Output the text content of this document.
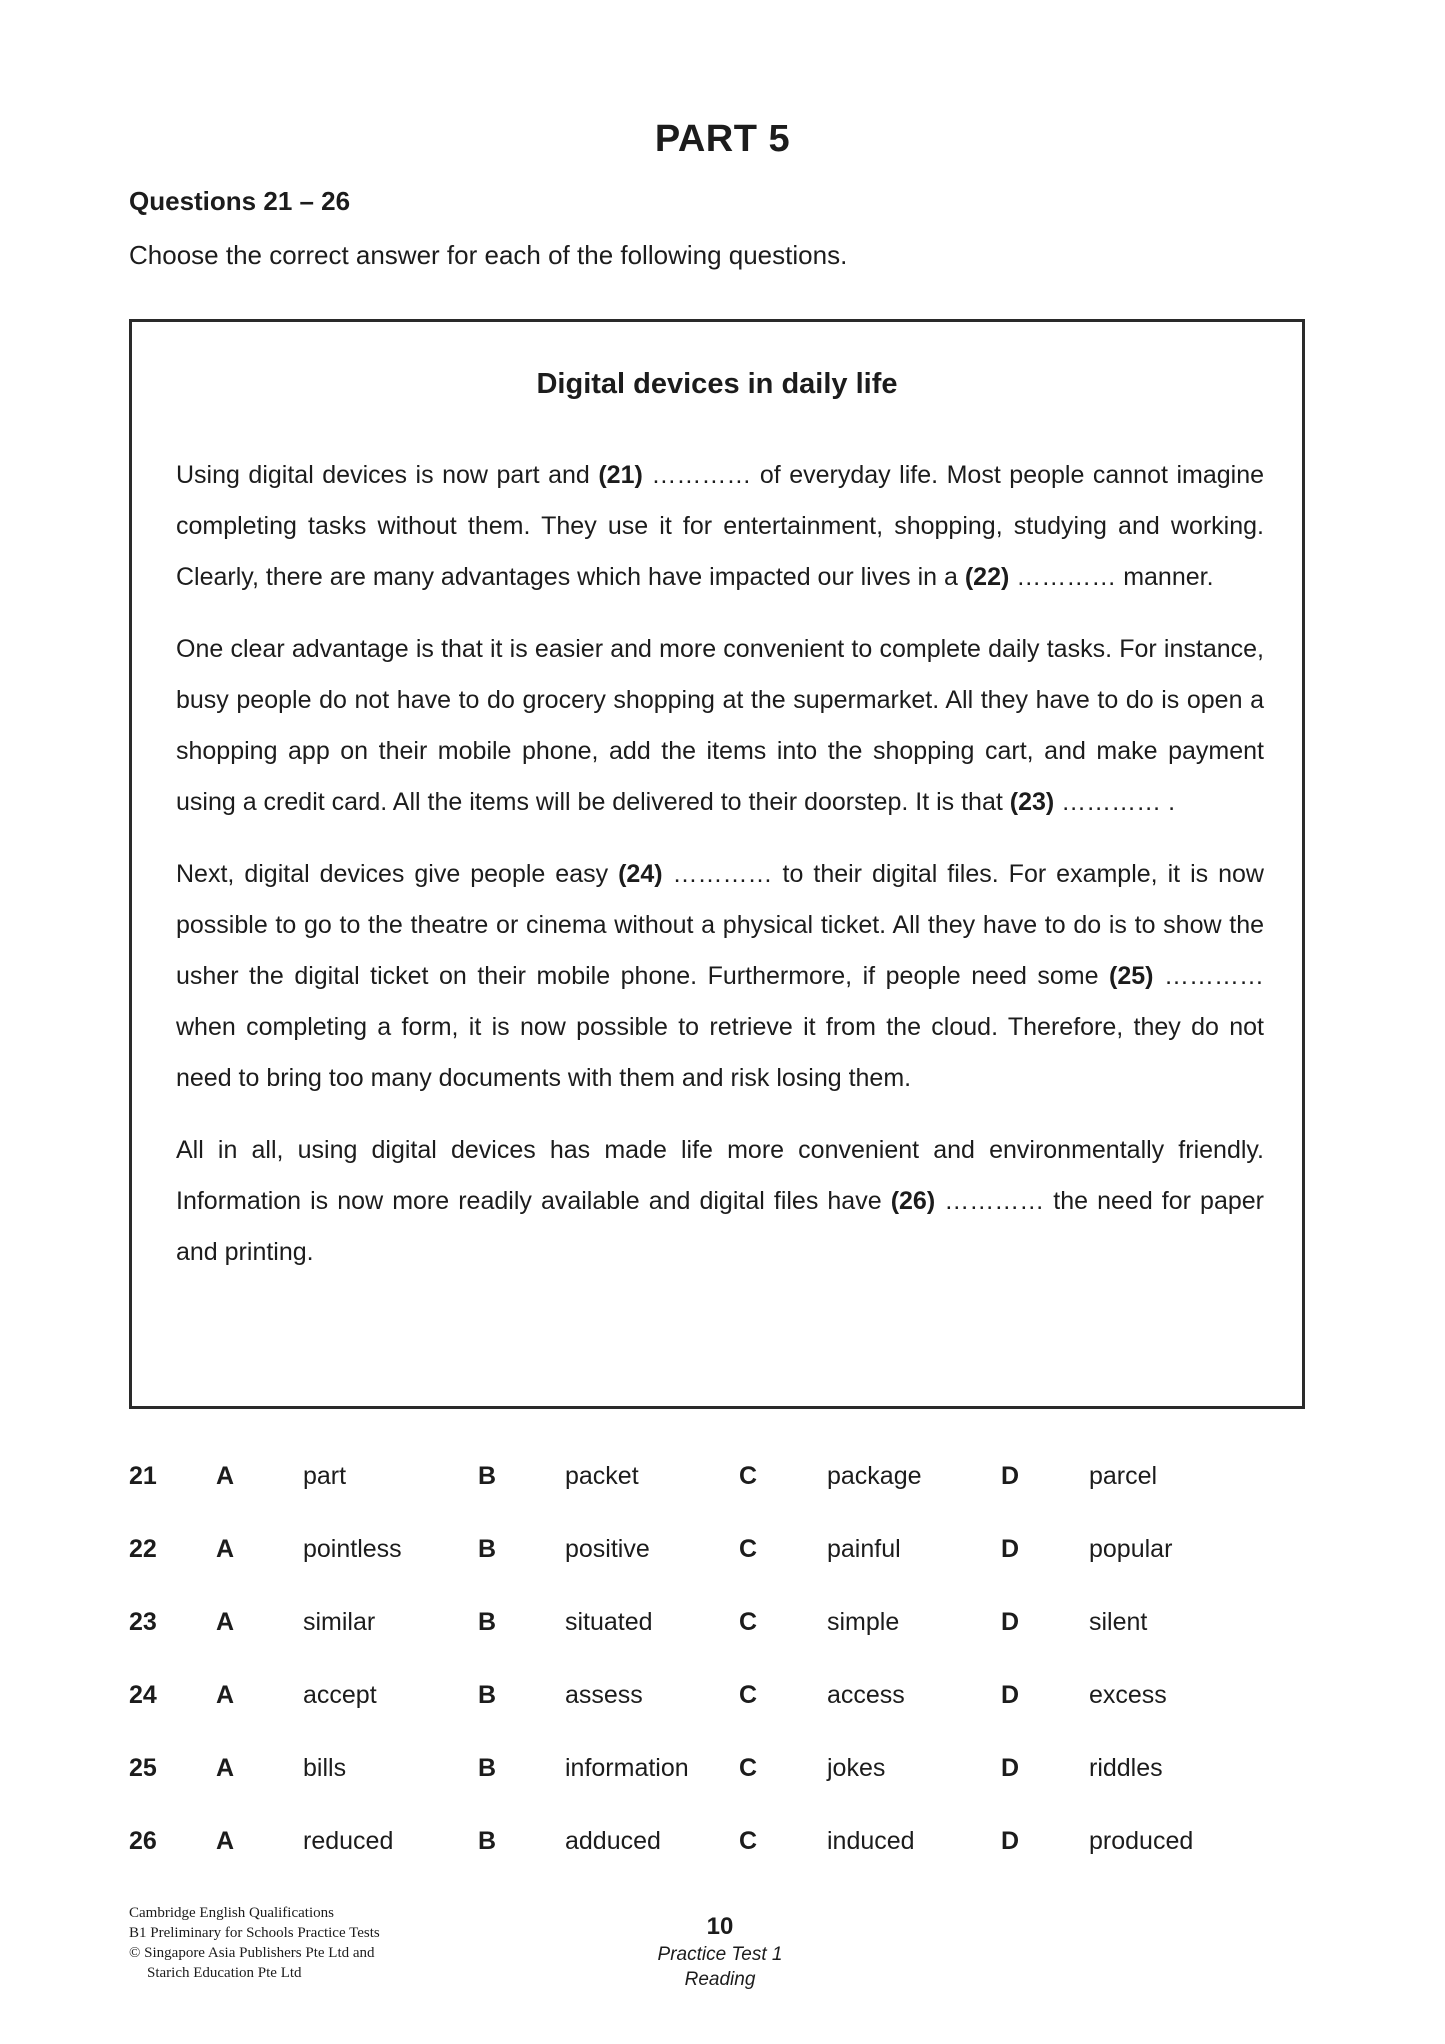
PART 5
Questions 21 – 26
Choose the correct answer for each of the following questions.
Digital devices in daily life

Using digital devices is now part and (21) ………… of everyday life. Most people cannot imagine completing tasks without them. They use it for entertainment, shopping, studying and working. Clearly, there are many advantages which have impacted our lives in a (22) ………… manner.

One clear advantage is that it is easier and more convenient to complete daily tasks. For instance, busy people do not have to do grocery shopping at the supermarket. All they have to do is open a shopping app on their mobile phone, add the items into the shopping cart, and make payment using a credit card. All the items will be delivered to their doorstep. It is that (23) ………… .

Next, digital devices give people easy (24) ………… to their digital files. For example, it is now possible to go to the theatre or cinema without a physical ticket. All they have to do is to show the usher the digital ticket on their mobile phone. Furthermore, if people need some (25) ………… when completing a form, it is now possible to retrieve it from the cloud. Therefore, they do not need to bring too many documents with them and risk losing them.

All in all, using digital devices has made life more convenient and environmentally friendly. Information is now more readily available and digital files have (26) ………… the need for paper and printing.

21 A	part	B	packet	C	package	D	parcel
22 A	pointless	B	positive	C	painful	D	popular
23 A	similar	B	situated	C	simple	D	silent
24 A	accept	B	assess	C	access	D	excess
25 A	bills	B	information C	jokes	D	riddles
26 A	reduced	B	adduced	C	induced	D	produced
Cambridge English Qualifications
B1 Preliminary for Schools Practice Tests
© Singapore Asia Publishers Pte Ltd and
Starich Education Pte Ltd
10
Practice Test 1
Reading
